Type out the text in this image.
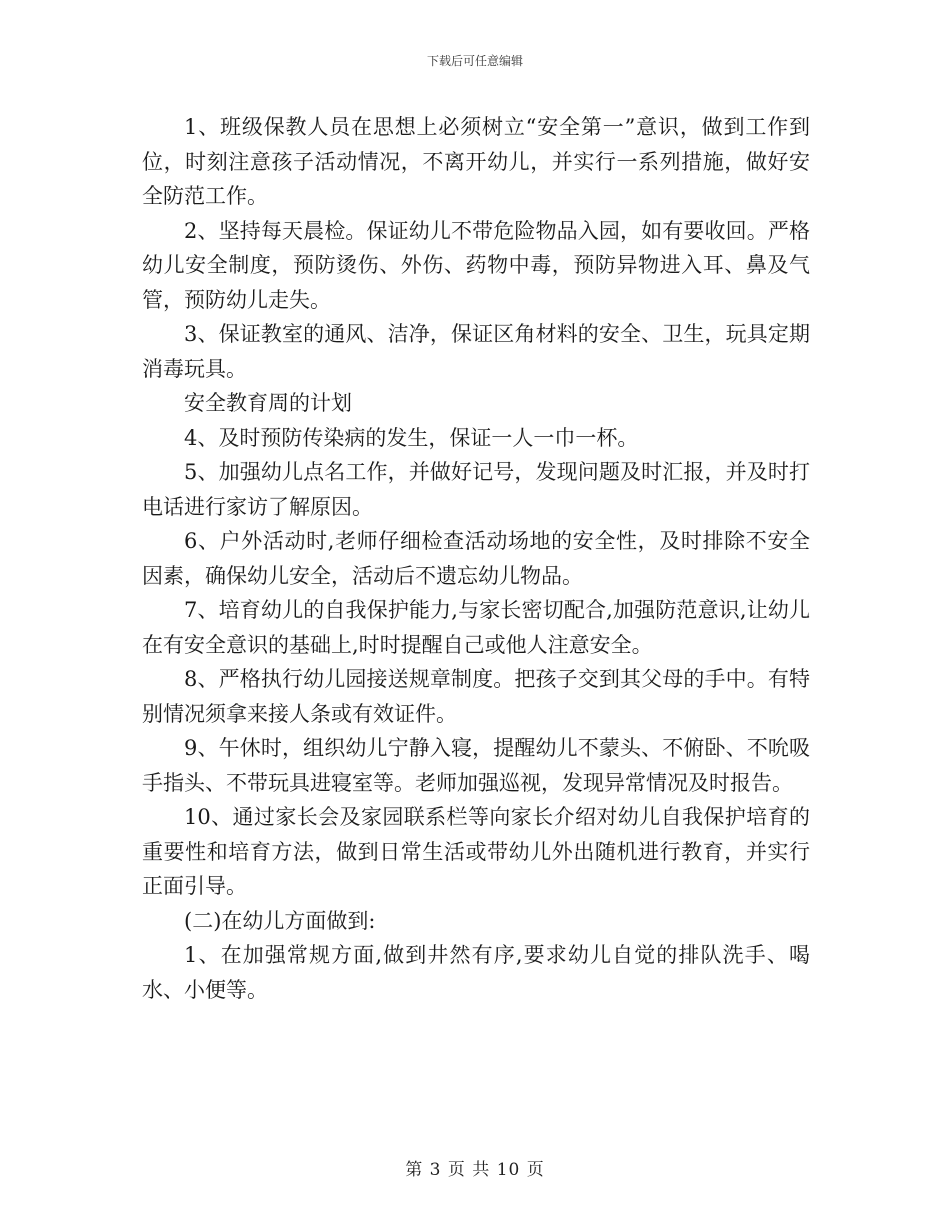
下载后可任意编辑

1、班级保教人员在思想上必须树立“安全第一”意识，做到工作到位，时刻注意孩子活动情况，不离开幼儿，并实行一系列措施，做好安全防范工作。

2、坚持每天晨检。保证幼儿不带危险物品入园，如有要收回。严格幼儿安全制度，预防烫伤、外伤、药物中毒，预防异物进入耳、鼻及气管，预防幼儿走失。

3、保证教室的通风、洁净，保证区角材料的安全、卫生，玩具定期消毒玩具。

安全教育周的计划

4、及时预防传染病的发生，保证一人一巾一杯。

5、加强幼儿点名工作，并做好记号，发现问题及时汇报，并及时打电话进行家访了解原因。

6、户外活动时,老师仔细检查活动场地的安全性，及时排除不安全因素，确保幼儿安全，活动后不遗忘幼儿物品。

7、培育幼儿的自我保护能力,与家长密切配合,加强防范意识,让幼儿在有安全意识的基础上,时时提醒自己或他人注意安全。

8、严格执行幼儿园接送规章制度。把孩子交到其父母的手中。有特别情况须拿来接人条或有效证件。

9、午休时，组织幼儿宁静入寝，提醒幼儿不蒙头、不俯卧、不吮吸手指头、不带玩具进寝室等。老师加强巡视，发现异常情况及时报告。

10、通过家长会及家园联系栏等向家长介绍对幼儿自我保护培育的重要性和培育方法，做到日常生活或带幼儿外出随机进行教育，并实行正面引导。

(二)在幼儿方面做到:

1、在加强常规方面,做到井然有序,要求幼儿自觉的排队洗手、喝水、小便等。

第 3 页 共 10 页
